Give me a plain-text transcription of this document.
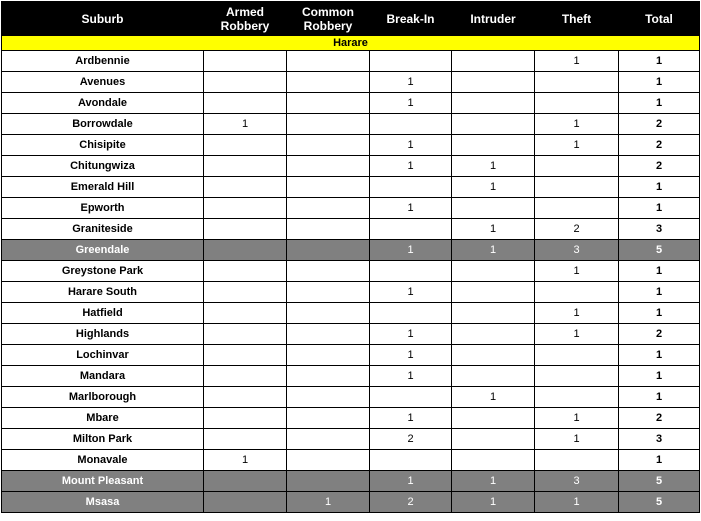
Suburb	Armed Robbery	Common Robbery	Break-In	Intruder	Theft	Total
Harare						
Ardbennie					1	1
Avenues			1			1
Avondale			1			1
Borrowdale	1				1	2
Chisipite			1		1	2
Chitungwiza			1	1		2
Emerald Hill				1		1
Epworth			1			1
Graniteside				1	2	3
Greendale			1	1	3	5
Greystone Park					1	1
Harare South			1			1
Hatfield					1	1
Highlands			1		1	2
Lochinvar			1			1
Mandara			1			1
Marlborough				1		1
Mbare			1		1	2
Milton Park			2		1	3
Monavale	1					1
Mount Pleasant			1	1	3	5
Msasa		1	2	1	1	5
